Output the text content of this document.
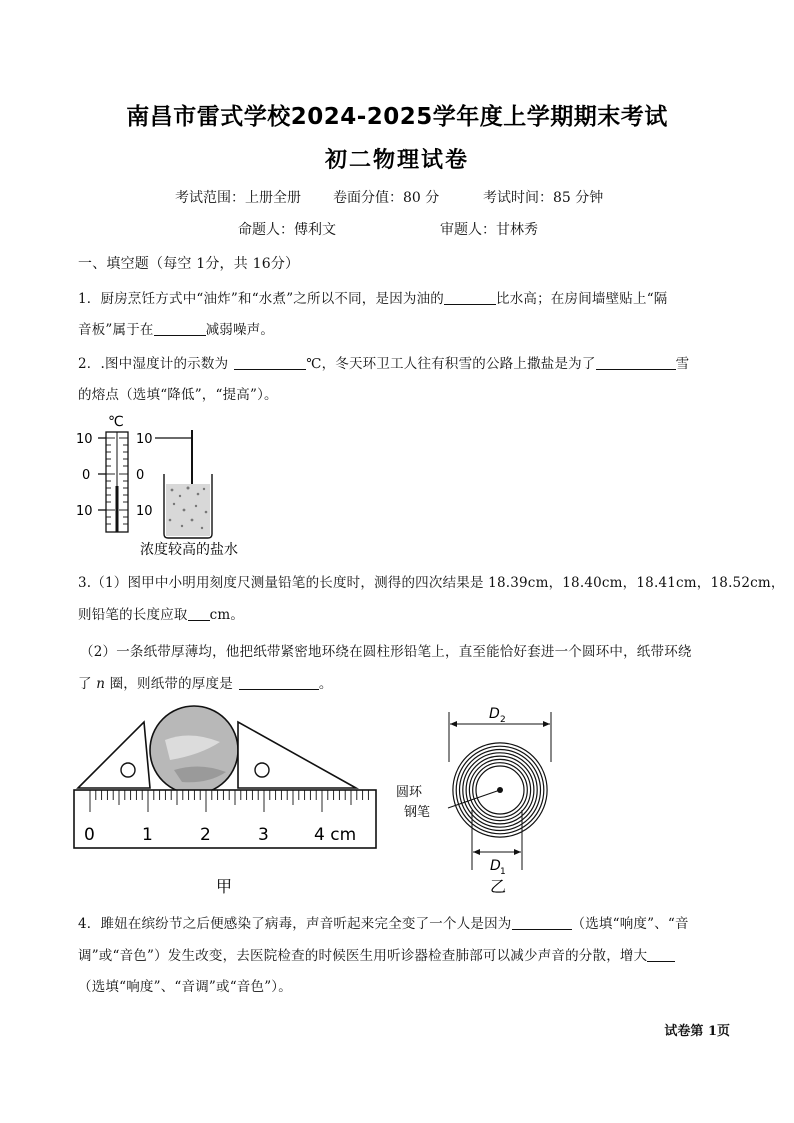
南昌市雷式学校2024-2025学年度上学期期末考试
初二物理试卷
考试范围：上册全册 卷面分值：80 分	考试时间：85 分钟
命题人：傅利文	审题人：甘林秀
一、填空题（每空 1分，共 16分）
1．厨房烹饪方式中“油炸”和“水煮”之所以不同，是因为油的	比水高；在房间墙壁贴上“隔
音板”属于在	减弱噪声。
2．.图中湿度计的示数为	℃，冬天环卫工人往有积雪的公路上撒盐是为了	雪
的熔点（选填“降低”，“提高”）。
℃
10
0
10
10
0
10
浓度较高的盐水
3.（1）图甲中小明用刻度尺测量铅笔的长度时，测得的四次结果是 18.39cm，18.40cm，18.41cm，18.52cm，
则铅笔的长度应取 cm。
（2）一条纸带厚薄均，他把纸带紧密地环绕在圆柱形铅笔上，直至能恰好套进一个圆环中，纸带环绕
了 n 圈，则纸带的厚度是	。
0	1	2	3	4 cm
甲
D 2
圆环
钢笔
D 1
乙
4．雎妞在缤纷节之后便感染了病毒，声音听起来完全变了一个人是因为	（选填“响度”、“音
调”或“音色”）发生改变，去医院检查的时候医生用听诊器检查肺部可以减少声音的分散，增大
（选填“响度”、“音调”或“音色”）。
试卷第 1页
